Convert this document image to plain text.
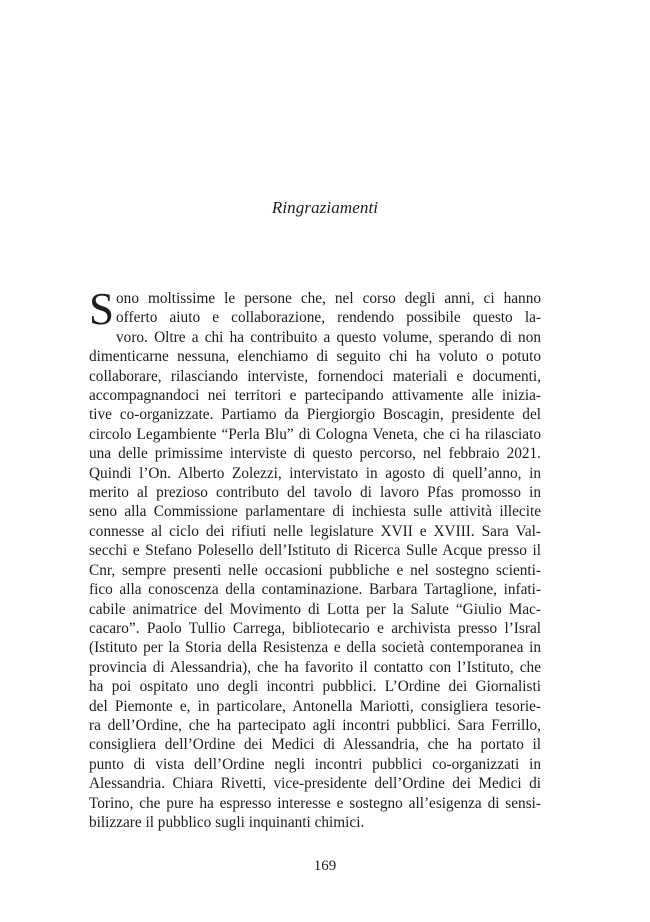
Ringraziamenti
S ono moltissime le persone che, nel corso degli anni, ci hanno
offerto aiuto e collaborazione, rendendo possibile questo la-
voro. Oltre a chi ha contribuito a questo volume, sperando di non
dimenticarne nessuna, elenchiamo di seguito chi ha voluto o potuto
collaborare, rilasciando interviste, fornendoci materiali e documenti,
accompagnandoci nei territori e partecipando attivamente alle inizia-
tive co-organizzate. Partiamo da Piergiorgio Boscagin, presidente del
circolo Legambiente “Perla Blu” di Cologna Veneta, che ci ha rilasciato
una delle primissime interviste di questo percorso, nel febbraio 2021.
Quindi l’On. Alberto Zolezzi, intervistato in agosto di quell’anno, in
merito al prezioso contributo del tavolo di lavoro Pfas promosso in
seno alla Commissione parlamentare di inchiesta sulle attività illecite
connesse al ciclo dei rifiuti nelle legislature XVII e XVIII. Sara Val-
secchi e Stefano Polesello dell’Istituto di Ricerca Sulle Acque presso il
Cnr, sempre presenti nelle occasioni pubbliche e nel sostegno scienti-
fico alla conoscenza della contaminazione. Barbara Tartaglione, infati-
cabile animatrice del Movimento di Lotta per la Salute “Giulio Mac-
cacaro”. Paolo Tullio Carrega, bibliotecario e archivista presso l’Isral
(Istituto per la Storia della Resistenza e della società contemporanea in
provincia di Alessandria), che ha favorito il contatto con l’Istituto, che
ha poi ospitato uno degli incontri pubblici. L’Ordine dei Giornalisti
del Piemonte e, in particolare, Antonella Mariotti, consigliera tesorie-
ra dell’Ordine, che ha partecipato agli incontri pubblici. Sara Ferrillo,
consigliera dell’Ordine dei Medici di Alessandria, che ha portato il
punto di vista dell’Ordine negli incontri pubblici co-organizzati in
Alessandria. Chiara Rivetti, vice-presidente dell’Ordine dei Medici di
Torino, che pure ha espresso interesse e sostegno all’esigenza di sensi-
bilizzare il pubblico sugli inquinanti chimici.
169
